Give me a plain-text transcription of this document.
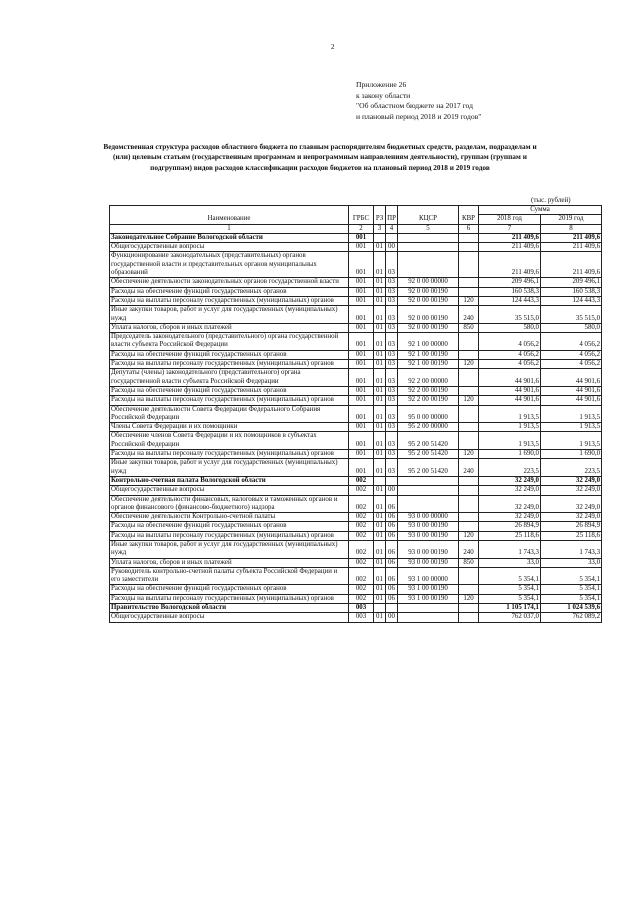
2
Приложение 26
к закону области
"Об областном бюджете на 2017 год
и плановый период 2018 и 2019 годов"
Ведомственная структура расходов областного бюджета по главным распорядителям бюджетных средств, разделам, подразделам и (или) целевым статьям (государственным программам и непрограммным направлениям деятельности), группам (группам и подгруппам) видов расходов классификации расходов бюджетов на плановый период 2018 и 2019 годов
(тыс. рублей)
Наименование	ГРБС	РЗ	ПР	КЦСР	КВР	Сумма	
						2018 год	2019 год
1	2	3	4	5	6	7	8
Законодательное Собрание Вологодской области	001					211 409,6	211 409,6
Общегосударственные вопросы	001	01	00			211 409,6	211 409,6
Функционирование законодательных (представительных) органов государственной власти и представительных органов муниципальных образований	001	01	03			211 409,6	211 409,6
Обеспечение деятельности законодательных органов государственной власти	001	01	03	92 0 00 00000		209 496,1	209 496,1
Расходы на обеспечение функций государственных органов	001	01	03	92 0 00 00190		160 538,3	160 538,3
Расходы на выплаты персоналу государственных (муниципальных) органов	001	01	03	92 0 00 00190	120	124 443,3	124 443,3
Иные закупки товаров, работ и услуг для государственных (муниципальных) нужд	001	01	03	92 0 00 00190	240	35 515,0	35 515,0
Уплата налогов, сборов и иных платежей	001	01	03	92 0 00 00190	850	580,0	580,0
Председатель законодательного (представительного) органа государственной власти субъекта Российской Федерации	001	01	03	92 1 00 00000		4 056,2	4 056,2
Расходы на обеспечение функций государственных органов	001	01	03	92 1 00 00190		4 056,2	4 056,2
Расходы на выплаты персоналу государственных (муниципальных) органов	001	01	03	92 1 00 00190	120	4 056,2	4 056,2
Депутаты (члены) законодательного (представительного) органа государственной власти субъекта Российской Федерации	001	01	03	92 2 00 00000		44 901,6	44 901,6
Расходы на обеспечение функций государственных органов	001	01	03	92 2 00 00190		44 901,6	44 901,6
Расходы на выплаты персоналу государственных (муниципальных) органов	001	01	03	92 2 00 00190	120	44 901,6	44 901,6
Обеспечение деятельности Совета Федерации Федерального Собрания Российской Федерации	001	01	03	95 0 00 00000		1 913,5	1 913,5
Члены Совета Федерации и их помощники	001	01	03	95 2 00 00000		1 913,5	1 913,5
Обеспечение членов Совета Федерации и их помощников в субъектах Российской Федерации	001	01	03	95 2 00 51420		1 913,5	1 913,5
Расходы на выплаты персоналу государственных (муниципальных) органов	001	01	03	95 2 00 51420	120	1 690,0	1 690,0
Иные закупки товаров, работ и услуг для государственных (муниципальных) нужд	001	01	03	95 2 00 51420	240	223,5	223,5
Контрольно-счетная палата Вологодской области	002					32 249,0	32 249,0
Общегосударственные вопросы	002	01	00			32 249,0	32 249,0
Обеспечение деятельности финансовых, налоговых и таможенных органов и органов финансового (финансово-бюджетного) надзора	002	01	06			32 249,0	32 249,0
Обеспечение деятельности Контрольно-счетной палаты	002	01	06	93 0 00 00000		32 249,0	32 249,0
Расходы на обеспечение функций государственных органов	002	01	06	93 0 00 00190		26 894,9	26 894,9
Расходы на выплаты персоналу государственных (муниципальных) органов	002	01	06	93 0 00 00190	120	25 118,6	25 118,6
Иные закупки товаров, работ и услуг для государственных (муниципальных) нужд	002	01	06	93 0 00 00190	240	1 743,3	1 743,3
Уплата налогов, сборов и иных платежей	002	01	06	93 0 00 00190	850	33,0	33,0
Руководитель контрольно-счетной палаты субъекта Российской Федерации и его заместители	002	01	06	93 1 00 00000		5 354,1	5 354,1
Расходы на обеспечение функций государственных органов	002	01	06	93 1 00 00190		5 354,1	5 354,1
Расходы на выплаты персоналу государственных (муниципальных) органов	002	01	06	93 1 00 00190	120	5 354,1	5 354,1
Правительство Вологодской области	003					1 105 174,1	1 024 539,6
Общегосударственные вопросы	003	01	00			762 037,0	762 089,2
